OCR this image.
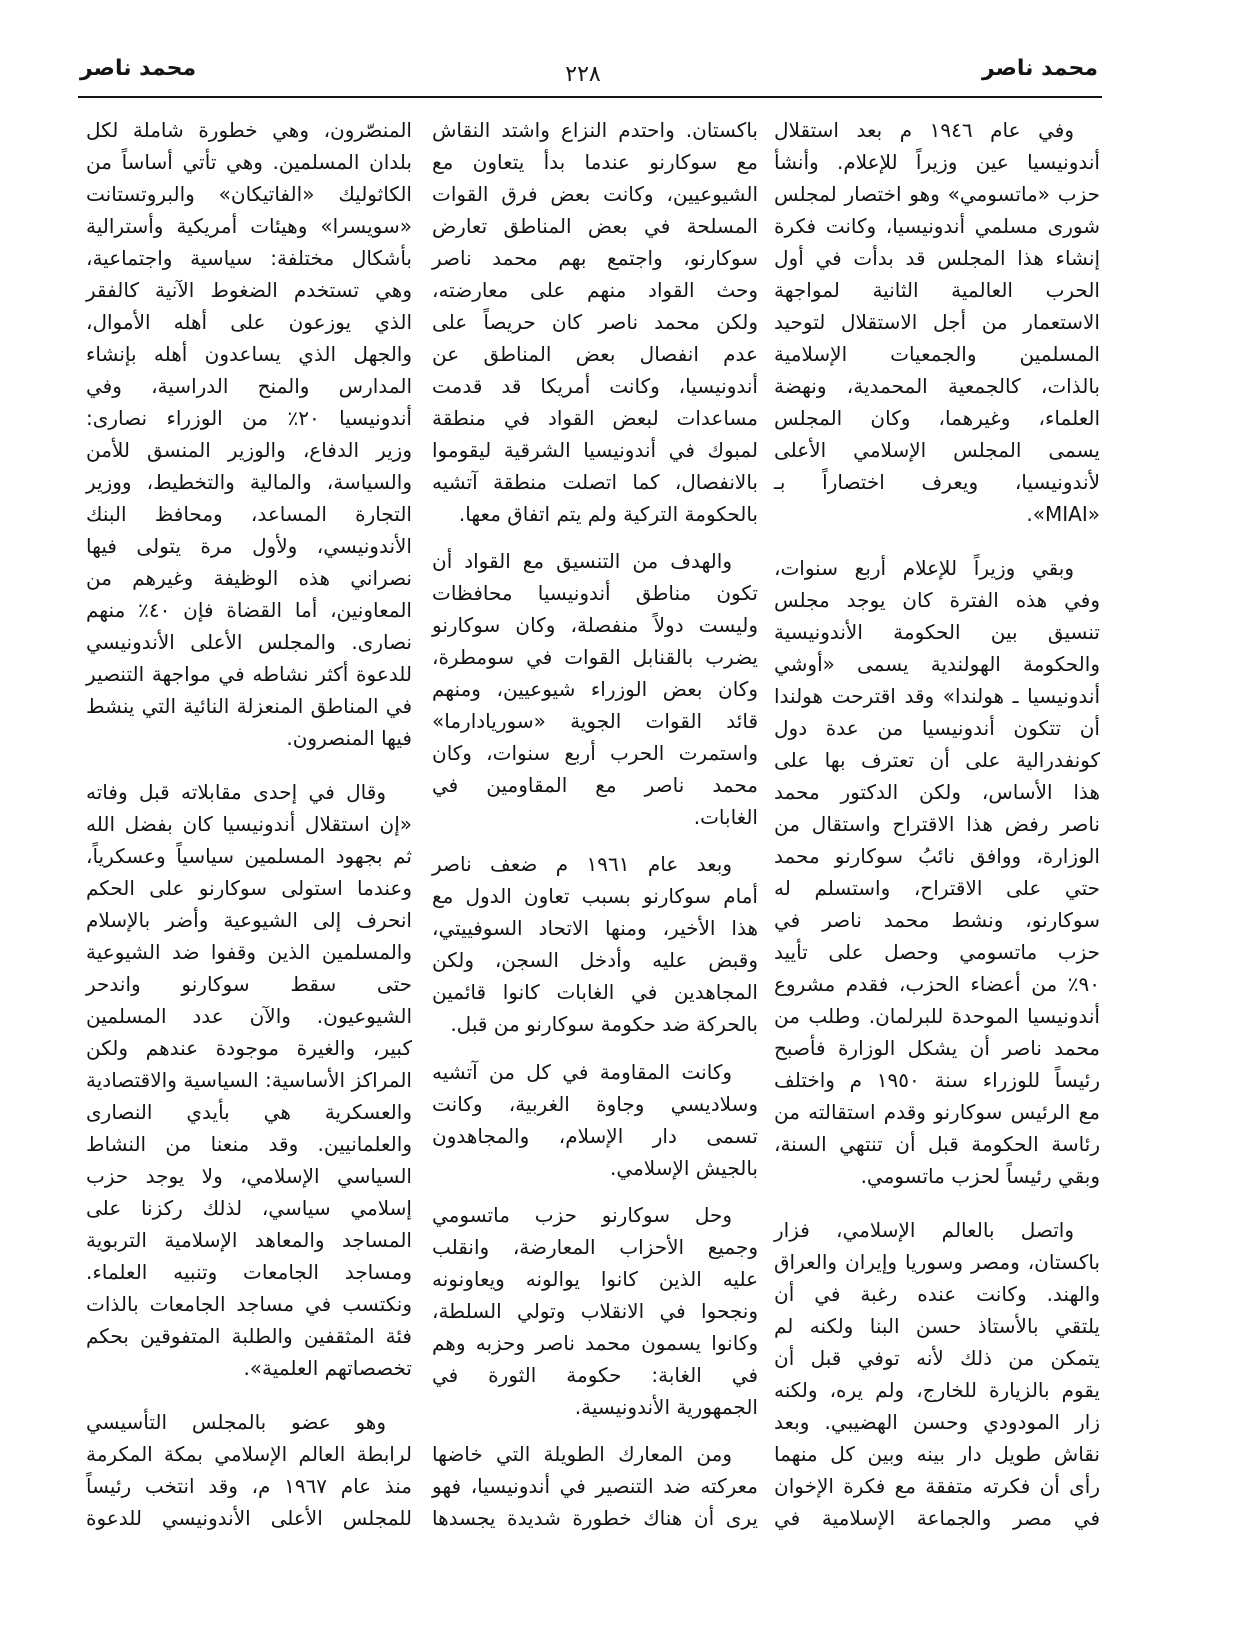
محمد ناصر
٢٢٨
محمد ناصر
وفي عام ١٩٤٦ م بعد استقلال
أندونيسيا عين وزيراً للإعلام. وأنشأ
حزب «ماتسومي» وهو اختصار لمجلس
شورى مسلمي أندونيسيا، وكانت فكرة
إنشاء هذا المجلس قد بدأت في أول
الحرب العالمية الثانية لمواجهة
الاستعمار من أجل الاستقلال لتوحيد
المسلمين والجمعيات الإسلامية
بالذات، كالجمعية المحمدية، ونهضة
العلماء، وغيرهما، وكان المجلس
يسمى المجلس الإسلامي الأعلى
لأندونيسيا، ويعرف اختصاراً بـ
«MIAI».
وبقي وزيراً للإعلام أربع سنوات،
وفي هذه الفترة كان يوجد مجلس
تنسيق بين الحكومة الأندونيسية
والحكومة الهولندية يسمى «أوشي
أندونيسيا ـ هولندا» وقد اقترحت هولندا
أن تتكون أندونيسيا من عدة دول
كونفدرالية على أن تعترف بها على
هذا الأساس، ولكن الدكتور محمد
ناصر رفض هذا الاقتراح واستقال من
الوزارة، ووافق نائبُ سوكارنو محمد
حتي على الاقتراح، واستسلم له
سوكارنو، ونشط محمد ناصر في
حزب ماتسومي وحصل على تأييد
٩٠٪ من أعضاء الحزب، فقدم مشروع
أندونيسيا الموحدة للبرلمان. وطلب من
محمد ناصر أن يشكل الوزارة فأصبح
رئيساً للوزراء سنة ١٩٥٠ م واختلف
مع الرئيس سوكارنو وقدم استقالته من
رئاسة الحكومة قبل أن تنتهي السنة،
وبقي رئيساً لحزب ماتسومي.
واتصل بالعالم الإسلامي، فزار
باكستان، ومصر وسوريا وإيران والعراق
والهند. وكانت عنده رغبة في أن
يلتقي بالأستاذ حسن البنا ولكنه لم
يتمكن من ذلك لأنه توفي قبل أن
يقوم بالزيارة للخارج، ولم يره، ولكنه
زار المودودي وحسن الهضيبي. وبعد
نقاش طويل دار بينه وبين كل منهما
رأى أن فكرته متفقة مع فكرة الإخوان
في مصر والجماعة الإسلامية في
باكستان. واحتدم النزاع واشتد النقاش
مع سوكارنو عندما بدأ يتعاون مع
الشيوعيين، وكانت بعض فرق القوات
المسلحة في بعض المناطق تعارض
سوكارنو، واجتمع بهم محمد ناصر
وحث القواد منهم على معارضته،
ولكن محمد ناصر كان حريصاً على
عدم انفصال بعض المناطق عن
أندونيسيا، وكانت أمريكا قد قدمت
مساعدات لبعض القواد في منطقة
لمبوك في أندونيسيا الشرقية ليقوموا
بالانفصال، كما اتصلت منطقة آتشيه
بالحكومة التركية ولم يتم اتفاق معها.
والهدف من التنسيق مع القواد أن
تكون مناطق أندونيسيا محافظات
وليست دولاً منفصلة، وكان سوكارنو
يضرب بالقنابل القوات في سومطرة،
وكان بعض الوزراء شيوعيين، ومنهم
قائد القوات الجوية «سوريادارما»
واستمرت الحرب أربع سنوات، وكان
محمد ناصر مع المقاومين في
الغابات.
وبعد عام ١٩٦١ م ضعف ناصر
أمام سوكارنو بسبب تعاون الدول مع
هذا الأخير، ومنها الاتحاد السوفييتي،
وقبض عليه وأدخل السجن، ولكن
المجاهدين في الغابات كانوا قائمين
بالحركة ضد حكومة سوكارنو من قبل.
وكانت المقاومة في كل من آتشيه
وسلاديسي وجاوة الغربية، وكانت
تسمى دار الإسلام، والمجاهدون
بالجيش الإسلامي.
وحل سوكارنو حزب ماتسومي
وجميع الأحزاب المعارضة، وانقلب
عليه الذين كانوا يوالونه ويعاونونه
ونجحوا في الانقلاب وتولي السلطة،
وكانوا يسمون محمد ناصر وحزبه وهم
في الغابة: حكومة الثورة في
الجمهورية الأندونيسية.
ومن المعارك الطويلة التي خاضها
معركته ضد التنصير في أندونيسيا، فهو
يرى أن هناك خطورة شديدة يجسدها
المنصّرون، وهي خطورة شاملة لكل
بلدان المسلمين. وهي تأتي أساساً من
الكاثوليك «الفاتيكان» والبروتستانت
«سويسرا» وهيئات أمريكية وأسترالية
بأشكال مختلفة: سياسية واجتماعية،
وهي تستخدم الضغوط الآنية كالفقر
الذي يوزعون على أهله الأموال،
والجهل الذي يساعدون أهله بإنشاء
المدارس والمنح الدراسية، وفي
أندونيسيا ٢٠٪ من الوزراء نصارى:
وزير الدفاع، والوزير المنسق للأمن
والسياسة، والمالية والتخطيط، ووزير
التجارة المساعد، ومحافظ البنك
الأندونيسي، ولأول مرة يتولى فيها
نصراني هذه الوظيفة وغيرهم من
المعاونين، أما القضاة فإن ٤٠٪ منهم
نصارى. والمجلس الأعلى الأندونيسي
للدعوة أكثر نشاطه في مواجهة التنصير
في المناطق المنعزلة النائية التي ينشط
فيها المنصرون.
وقال في إحدى مقابلاته قبل وفاته
«إن استقلال أندونيسيا كان بفضل الله
ثم بجهود المسلمين سياسياً وعسكرياً،
وعندما استولى سوكارنو على الحكم
انحرف إلى الشيوعية وأضر بالإسلام
والمسلمين الذين وقفوا ضد الشيوعية
حتى سقط سوكارنو واندحر
الشيوعيون. والآن عدد المسلمين
كبير، والغيرة موجودة عندهم ولكن
المراكز الأساسية: السياسية والاقتصادية
والعسكرية هي بأيدي النصارى
والعلمانيين. وقد منعنا من النشاط
السياسي الإسلامي، ولا يوجد حزب
إسلامي سياسي، لذلك ركزنا على
المساجد والمعاهد الإسلامية التربوية
ومساجد الجامعات وتنبيه العلماء.
ونكتسب في مساجد الجامعات بالذات
فئة المثقفين والطلبة المتفوقين بحكم
تخصصاتهم العلمية».
وهو عضو بالمجلس التأسيسي
لرابطة العالم الإسلامي بمكة المكرمة
منذ عام ١٩٦٧ م، وقد انتخب رئيساً
للمجلس الأعلى الأندونيسي للدعوة
